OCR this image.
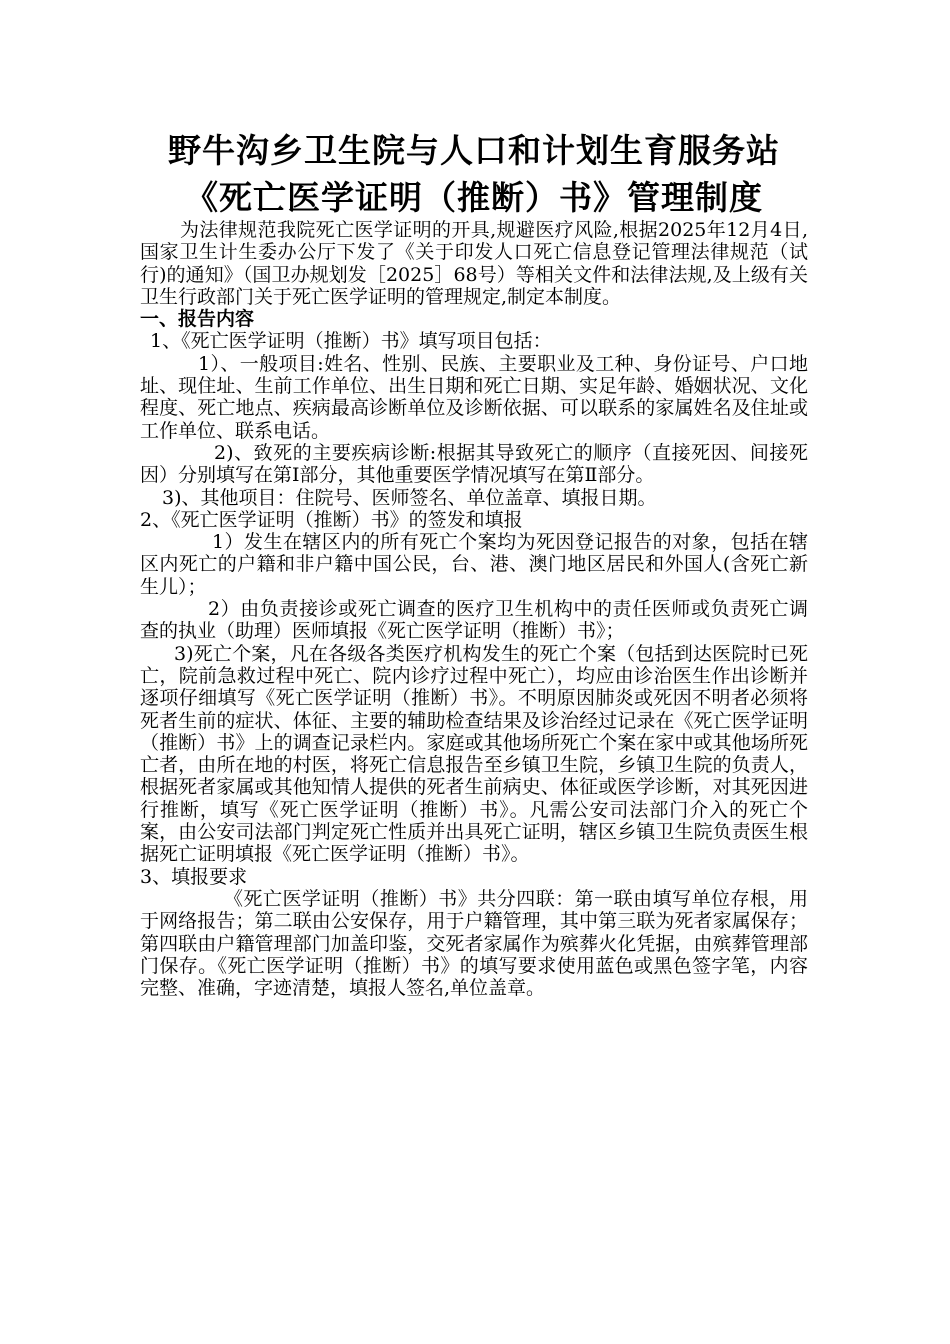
野牛沟乡卫生院与人口和计划生育服务站

《死亡医学证明（推断）书》管理制度

为法律规范我院死亡医学证明的开具,规避医疗风险,根据2025年12月4日,国家卫生计生委办公厅下发了《关于印发人口死亡信息登记管理法律规范（试行)的通知》（国卫办规划发［2025］68号）等相关文件和法律法规,及上级有关卫生行政部门关于死亡医学证明的管理规定,制定本制度。

一、报告内容

1、《死亡医学证明（推断）书》填写项目包括：

1）、一般项目:姓名、性别、民族、主要职业及工种、身份证号、户口地址、现住址、生前工作单位、出生日期和死亡日期、实足年龄、婚姻状况、文化程度、死亡地点、疾病最高诊断单位及诊断依据、可以联系的家属姓名及住址或工作单位、联系电话。

2)、致死的主要疾病诊断:根据其导致死亡的顺序（直接死因、间接死因）分别填写在第Ⅰ部分，其他重要医学情况填写在第Ⅱ部分。

3)、其他项目：住院号、医师签名、单位盖章、填报日期。

2、《死亡医学证明（推断）书》的签发和填报

1）发生在辖区内的所有死亡个案均为死因登记报告的对象，包括在辖区内死亡的户籍和非户籍中国公民，台、港、澳门地区居民和外国人(含死亡新生儿）；

2）由负责接诊或死亡调查的医疗卫生机构中的责任医师或负责死亡调查的执业（助理）医师填报《死亡医学证明（推断）书》；

3)死亡个案，凡在各级各类医疗机构发生的死亡个案（包括到达医院时已死亡，院前急救过程中死亡、院内诊疗过程中死亡），均应由诊治医生作出诊断并逐项仔细填写《死亡医学证明（推断）书》。不明原因肺炎或死因不明者必须将死者生前的症状、体征、主要的辅助检查结果及诊治经过记录在《死亡医学证明（推断）书》上的调查记录栏内。家庭或其他场所死亡个案在家中或其他场所死亡者，由所在地的村医，将死亡信息报告至乡镇卫生院，乡镇卫生院的负责人，根据死者家属或其他知情人提供的死者生前病史、体征或医学诊断，对其死因进行推断，填写《死亡医学证明（推断）书》。凡需公安司法部门介入的死亡个案，由公安司法部门判定死亡性质并出具死亡证明，辖区乡镇卫生院负责医生根据死亡证明填报《死亡医学证明（推断）书》。

3、填报要求

《死亡医学证明（推断）书》共分四联：第一联由填写单位存根，用于网络报告；第二联由公安保存，用于户籍管理，其中第三联为死者家属保存；第四联由户籍管理部门加盖印鉴，交死者家属作为殡葬火化凭据，由殡葬管理部门保存。《死亡医学证明（推断）书》的填写要求使用蓝色或黑色签字笔，内容完整、准确，字迹清楚，填报人签名,单位盖章。
